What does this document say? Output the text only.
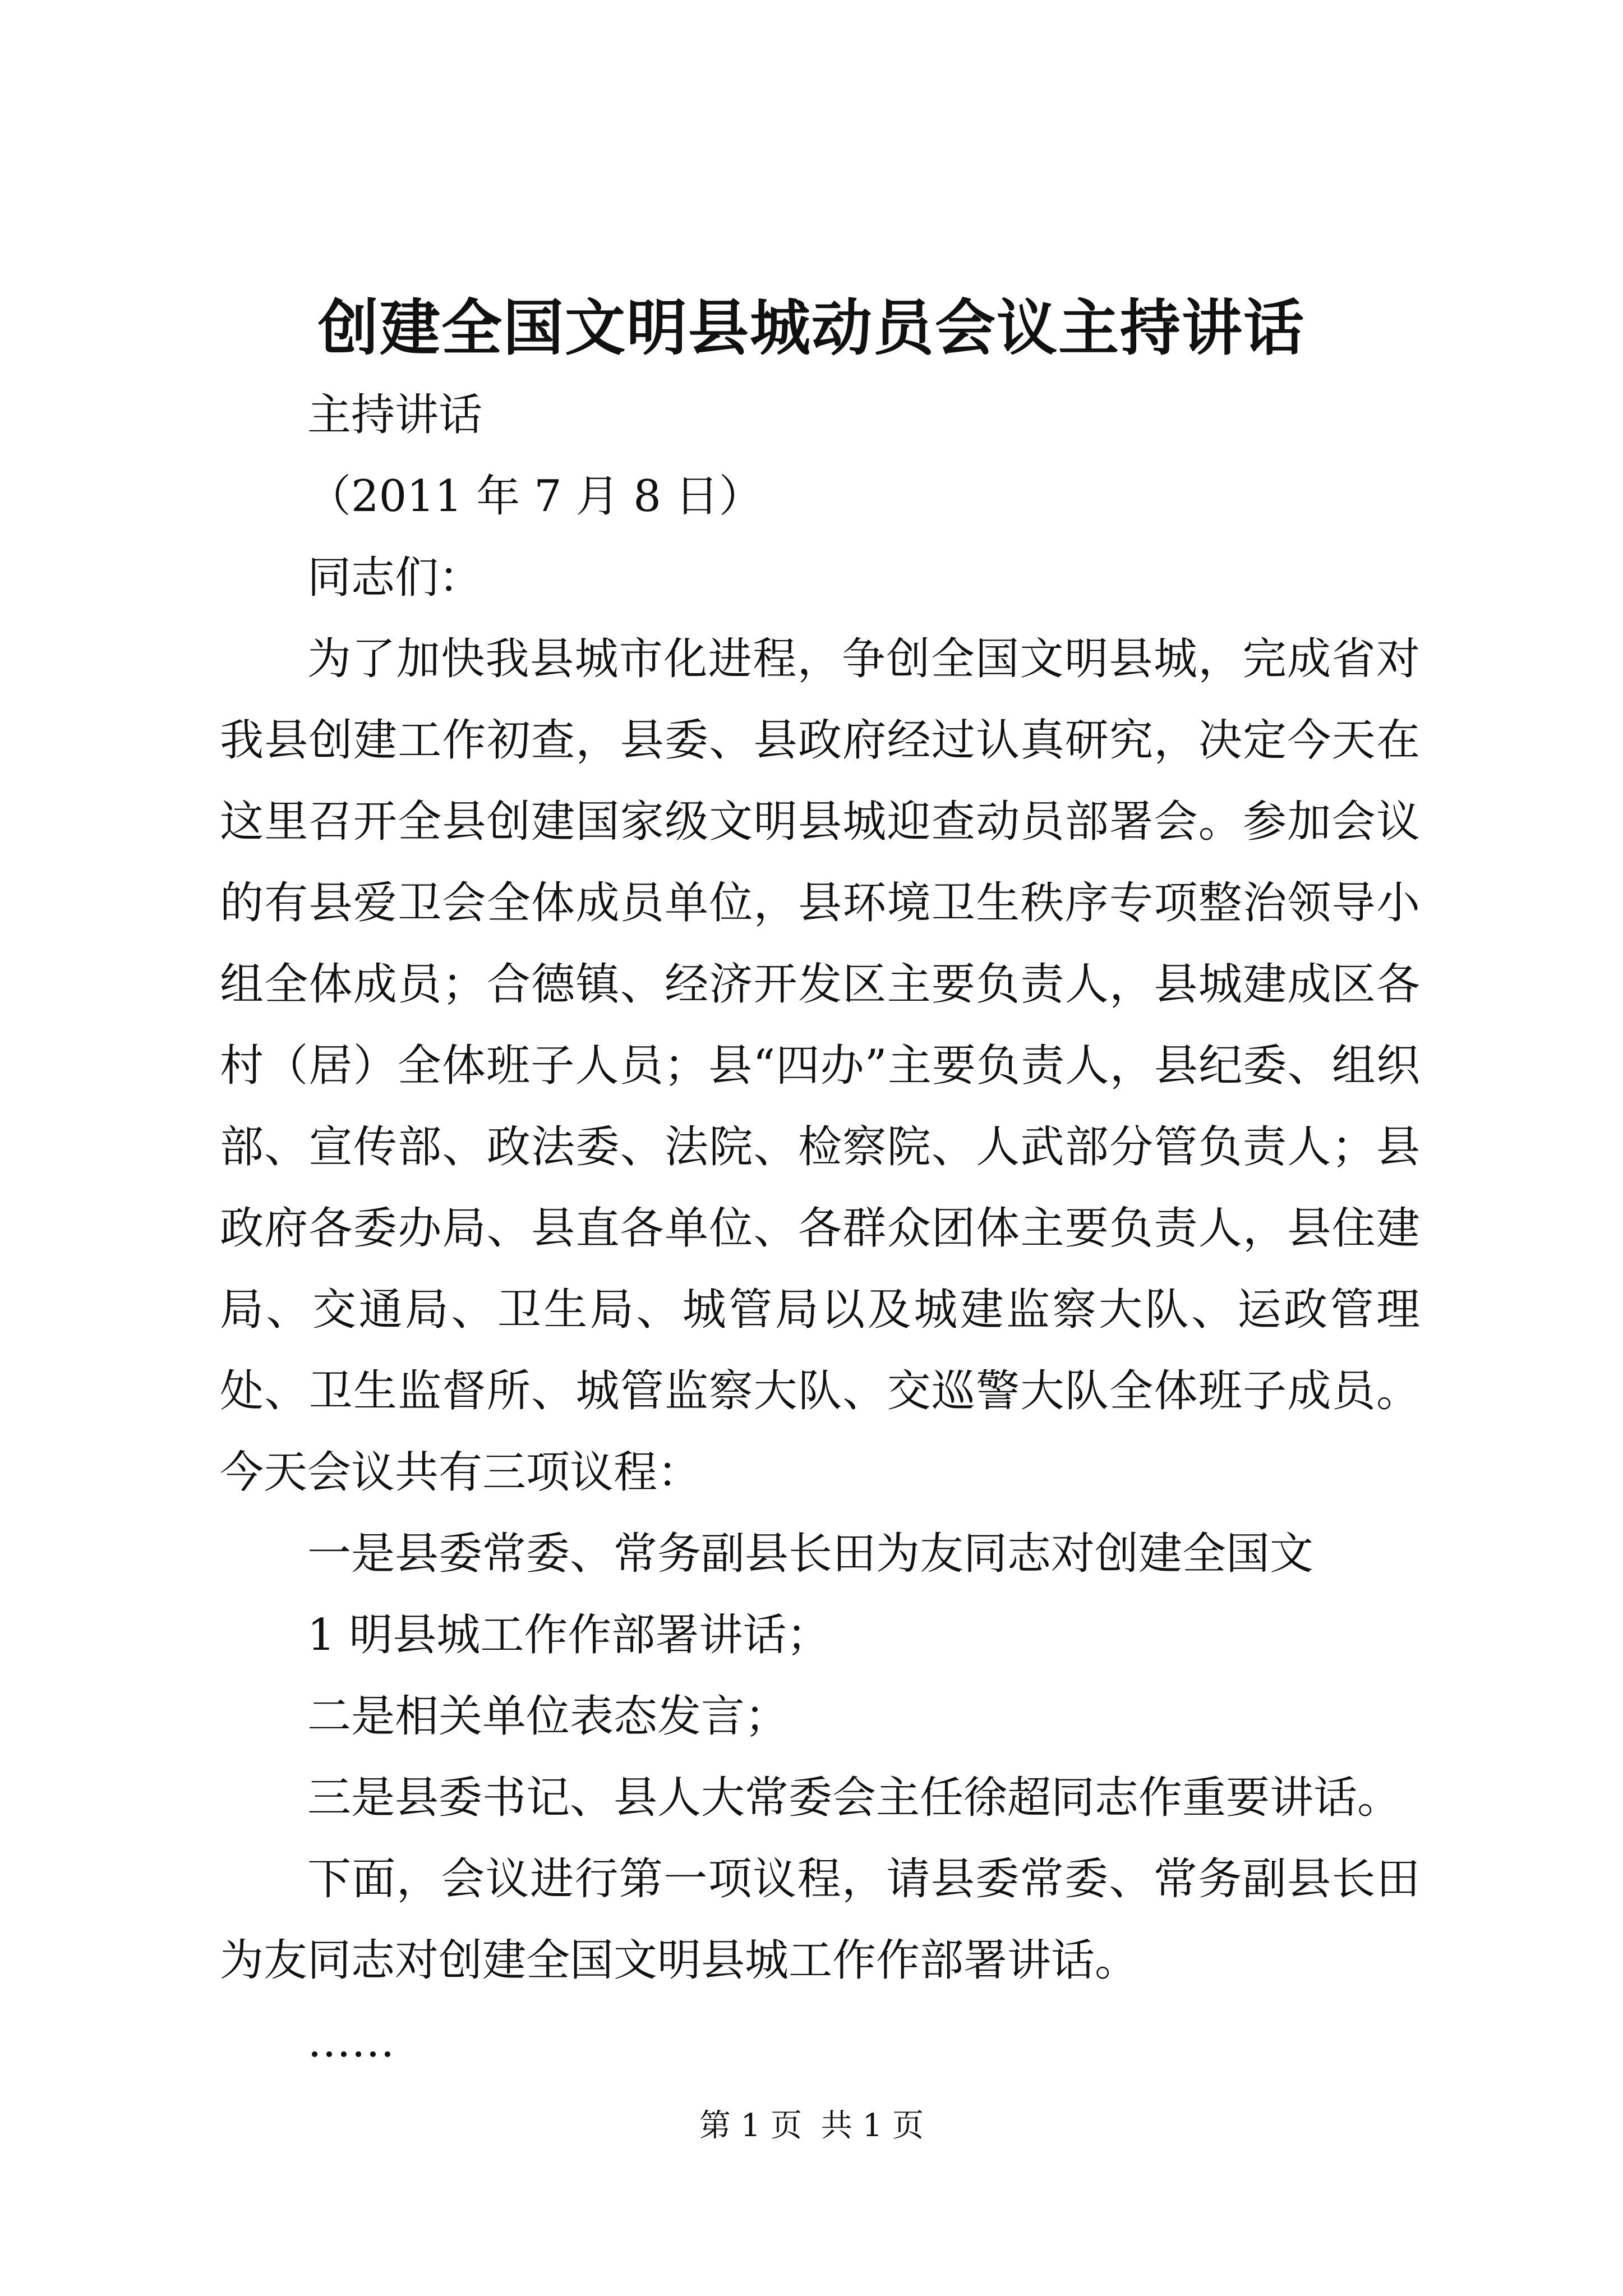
创建全国文明县城动员会议主持讲话

主持讲话

（2011 年 7 月 8 日）

同志们：

为了加快我县城市化进程，争创全国文明县城，完成省对我县创建工作初查，县委、县政府经过认真研究，决定今天在这里召开全县创建国家级文明县城迎查动员部署会。参加会议的有县爱卫会全体成员单位，县环境卫生秩序专项整治领导小组全体成员；合德镇、经济开发区主要负责人，县城建成区各村（居）全体班子人员；县“四办”主要负责人，县纪委、组织部、宣传部、政法委、法院、检察院、人武部分管负责人；县政府各委办局、县直各单位、各群众团体主要负责人，县住建局、交通局、卫生局、城管局以及城建监察大队、运政管理处、卫生监督所、城管监察大队、交巡警大队全体班子成员。今天会议共有三项议程：

一是县委常委、常务副县长田为友同志对创建全国文

1 明县城工作作部署讲话；

二是相关单位表态发言；

三是县委书记、县人大常委会主任徐超同志作重要讲话。

下面，会议进行第一项议程，请县委常委、常务副县长田为友同志对创建全国文明县城工作作部署讲话。

……

第 1 页 共 1 页
